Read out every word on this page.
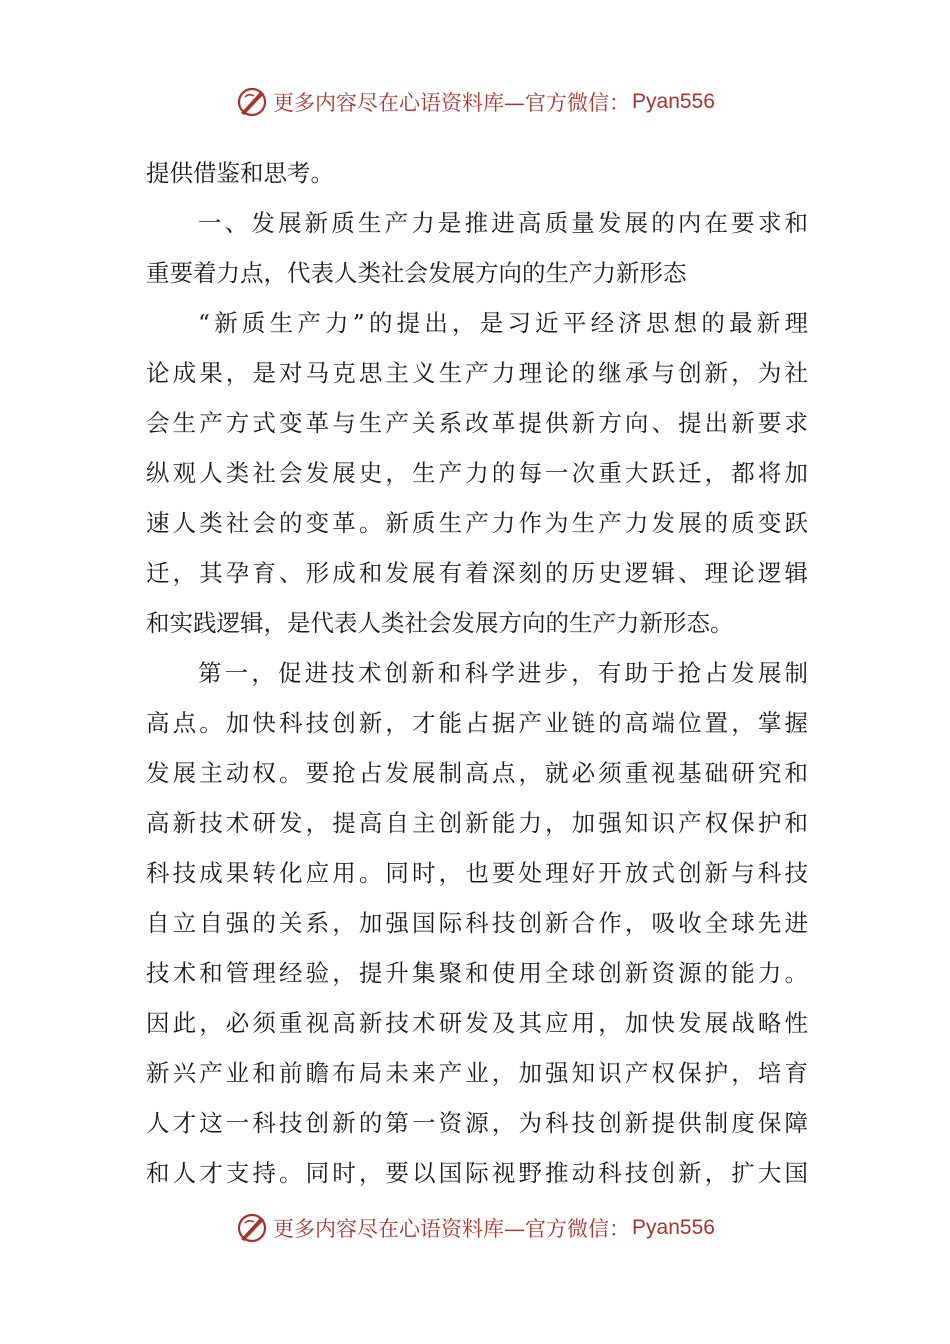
更多内容尽在心语资料库—官方微信： Pyan556
提供借鉴和思考。
一、发展新质生产力是推进高质量发展的内在要求和
重要着力点，代表人类社会发展方向的生产力新形态
“新质生产力”的提出，是习近平经济思想的最新理
论成果，是对马克思主义生产力理论的继承与创新，为社
会生产方式变革与生产关系改革提供新方向、提出新要求
纵观人类社会发展史，生产力的每一次重大跃迁，都将加
速人类社会的变革。新质生产力作为生产力发展的质变跃
迁，其孕育、形成和发展有着深刻的历史逻辑、理论逻辑
和实践逻辑，是代表人类社会发展方向的生产力新形态。
第一，促进技术创新和科学进步，有助于抢占发展制
高点。加快科技创新，才能占据产业链的高端位置，掌握
发展主动权。要抢占发展制高点，就必须重视基础研究和
高新技术研发，提高自主创新能力，加强知识产权保护和
科技成果转化应用。同时，也要处理好开放式创新与科技
自立自强的关系，加强国际科技创新合作，吸收全球先进
技术和管理经验，提升集聚和使用全球创新资源的能力。
因此，必须重视高新技术研发及其应用，加快发展战略性
新兴产业和前瞻布局未来产业，加强知识产权保护，培育
人才这一科技创新的第一资源，为科技创新提供制度保障
和人才支持。同时，要以国际视野推动科技创新，扩大国
更多内容尽在心语资料库—官方微信： Pyan556
